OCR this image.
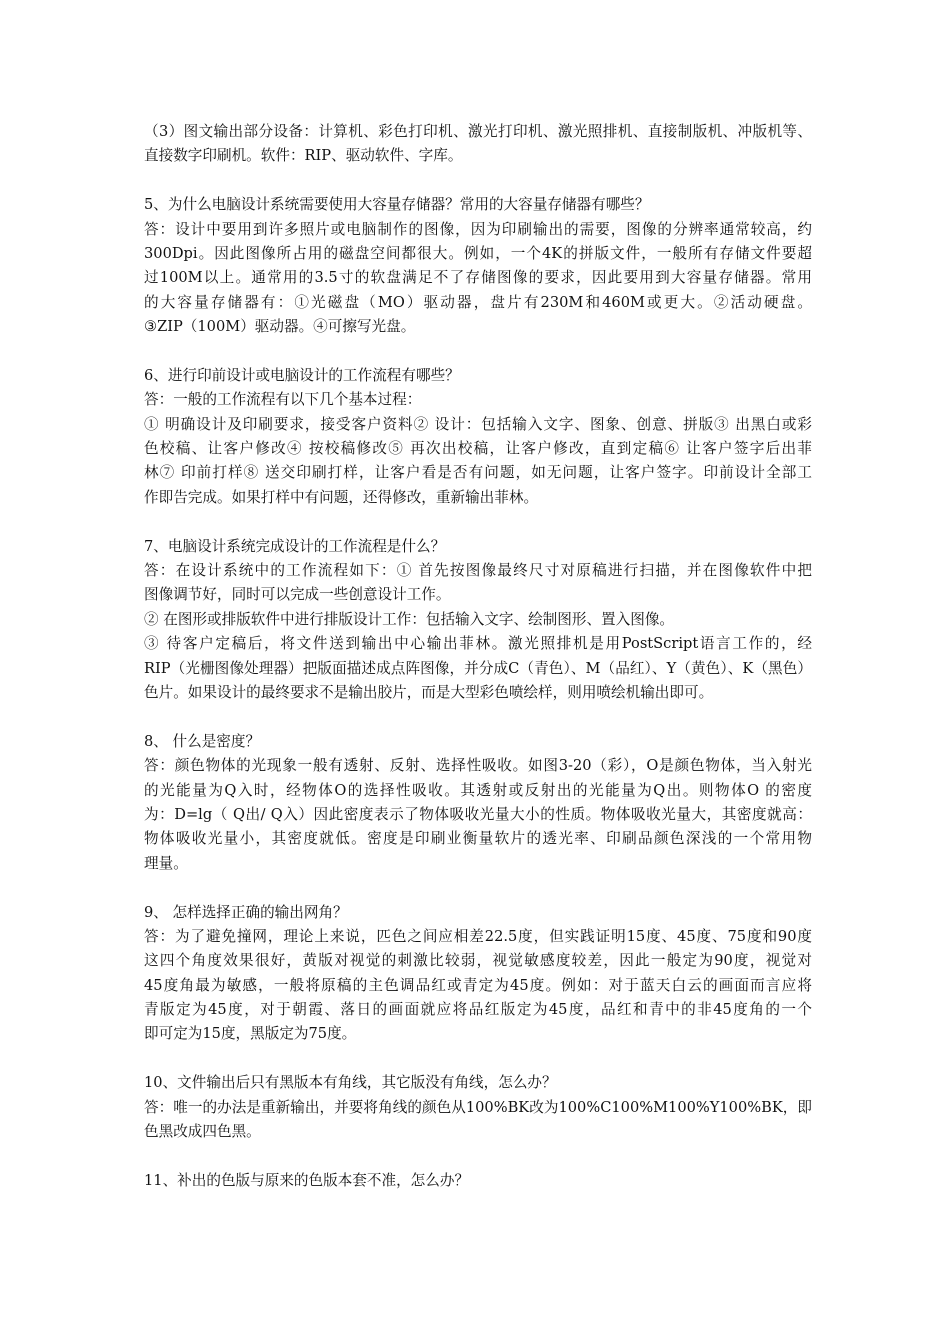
（3）图文输出部分设备：计算机、彩色打印机、激光打印机、激光照排机、直接制版机、冲版机等、
直接数字印刷机。软件：RIP、驱动软件、字库。
5、为什么电脑设计系统需要使用大容量存储器？常用的大容量存储器有哪些？
答：设计中要用到许多照片或电脑制作的图像，因为印刷输出的需要，图像的分辨率通常较高，约
300Dpi。因此图像所占用的磁盘空间都很大。例如，一个4K的拼版文件，一般所有存储文件要超
过100M以上。通常用的3.5寸的软盘满足不了存储图像的要求，因此要用到大容量存储器。常用
的大容量存储器有：①光磁盘（MO）驱动器，盘片有230M和460M或更大。②活动硬盘。
③ZIP（100M）驱动器。④可擦写光盘。
6、进行印前设计或电脑设计的工作流程有哪些？
答：一般的工作流程有以下几个基本过程：
① 明确设计及印刷要求，接受客户资料② 设计：包括输入文字、图象、创意、拼版③ 出黑白或彩
色校稿、让客户修改④ 按校稿修改⑤ 再次出校稿，让客户修改，直到定稿⑥ 让客户签字后出菲
林⑦ 印前打样⑧ 送交印刷打样，让客户看是否有问题，如无问题，让客户签字。印前设计全部工
作即告完成。如果打样中有问题，还得修改，重新输出菲林。
7、电脑设计系统完成设计的工作流程是什么？
答：在设计系统中的工作流程如下：① 首先按图像最终尺寸对原稿进行扫描，并在图像软件中把
图像调节好，同时可以完成一些创意设计工作。
② 在图形或排版软件中进行排版设计工作：包括输入文字、绘制图形、置入图像。
③ 待客户定稿后，将文件送到输出中心输出菲林。激光照排机是用PostScript语言工作的，经
RIP（光栅图像处理器）把版面描述成点阵图像，并分成C（青色）、M（品红）、Y（黄色）、K（黑色）
色片。如果设计的最终要求不是输出胶片，而是大型彩色喷绘样，则用喷绘机输出即可。
8、 什么是密度？
答：颜色物体的光现象一般有透射、反射、选择性吸收。如图3-20（彩），O是颜色物体，当入射光
的光能量为Q入时，经物体O的选择性吸收。其透射或反射出的光能量为Q出。则物体O 的密度
为：D=lg（ Q出/ Q入）因此密度表示了物体吸收光量大小的性质。物体吸收光量大，其密度就高：
物体吸收光量小，其密度就低。密度是印刷业衡量软片的透光率、印刷品颜色深浅的一个常用物
理量。
9、 怎样选择正确的输出网角？
答：为了避免撞网，理论上来说，匹色之间应相差22.5度，但实践证明15度、45度、75度和90度
这四个角度效果很好，黄版对视觉的刺激比较弱，视觉敏感度较差，因此一般定为90度，视觉对
45度角最为敏感，一般将原稿的主色调品红或青定为45度。例如：对于蓝天白云的画面而言应将
青版定为45度，对于朝霞、落日的画面就应将品红版定为45度，品红和青中的非45度角的一个
即可定为15度，黑版定为75度。
10、文件输出后只有黑版本有角线，其它版没有角线，怎么办？
答：唯一的办法是重新输出，并要将角线的颜色从100%BK改为100%C100%M100%Y100%BK，即
色黑改成四色黑。
11、补出的色版与原来的色版本套不准，怎么办？
